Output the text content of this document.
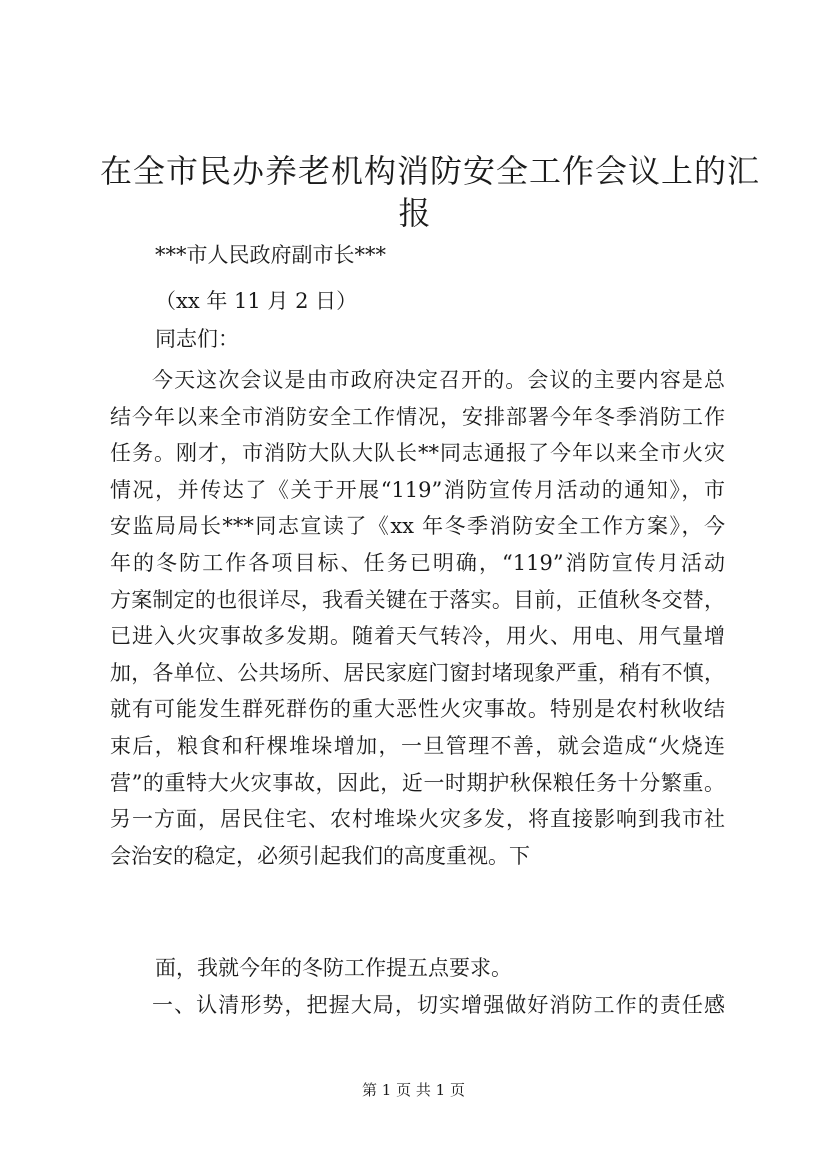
在全市民办养老机构消防安全工作会议上的汇
报
***市人民政府副市长***
（xx 年 11 月 2 日）
同志们：
今天这次会议是由市政府决定召开的。会议的主要内容是总
结今年以来全市消防安全工作情况，安排部署今年冬季消防工作
任务。刚才，市消防大队大队长**同志通报了今年以来全市火灾
情况，并传达了《关于开展“119”消防宣传月活动的通知》，市
安监局局长***同志宣读了《xx 年冬季消防安全工作方案》，今
年的冬防工作各项目标、任务已明确，“119”消防宣传月活动
方案制定的也很详尽，我看关键在于落实。目前，正值秋冬交替，
已进入火灾事故多发期。随着天气转冷，用火、用电、用气量增
加，各单位、公共场所、居民家庭门窗封堵现象严重，稍有不慎，
就有可能发生群死群伤的重大恶性火灾事故。特别是农村秋收结
束后，粮食和秆棵堆垛增加，一旦管理不善，就会造成“火烧连
营”的重特大火灾事故，因此，近一时期护秋保粮任务十分繁重。
另一方面，居民住宅、农村堆垛火灾多发，将直接影响到我市社
会治安的稳定，必须引起我们的高度重视。下
面，我就今年的冬防工作提五点要求。
一、认清形势，把握大局，切实增强做好消防工作的责任感
第 1 页 共 1 页
